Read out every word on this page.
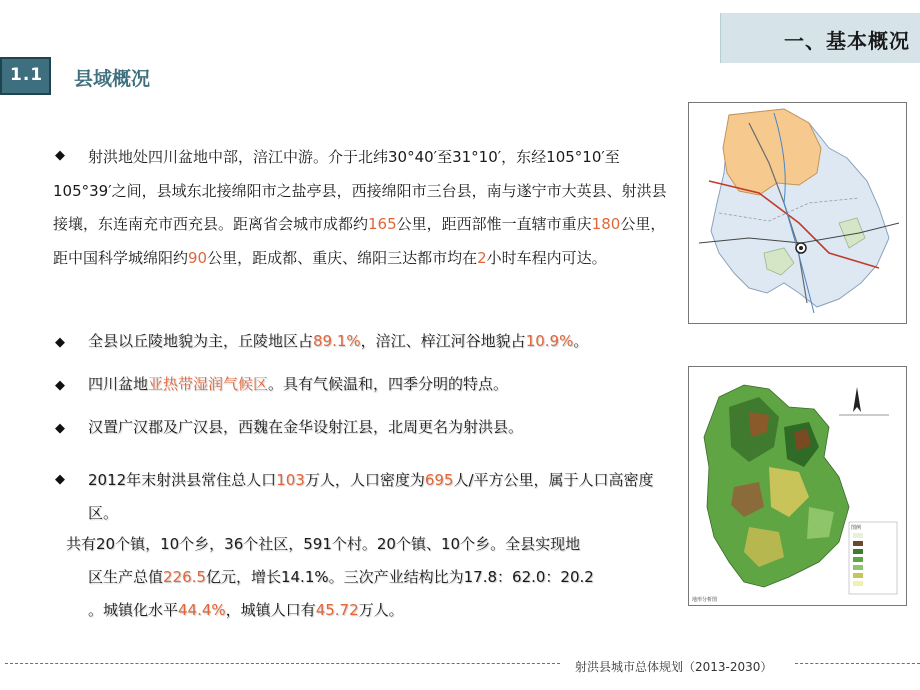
一、基本概况
1.1 县域概况
◆	射洪地处四川盆地中部，涪江中游。介于北纬30°40′至31°10′，东经105°10′至105°39′之间，县域东北接绵阳市之盐亭县，西接绵阳市三台县，南与遂宁市大英县、射洪县接壤，东连南充市西充县。距离省会城市成都约165公里，距西部惟一直辖市重庆180公里，距中国科学城绵阳约90公里，距成都、重庆、绵阳三达都市均在2小时车程内可达。
◆ 全县以丘陵地貌为主，丘陵地区占89.1%，涪江、梓江河谷地貌占10.9%。
◆ 四川盆地亚热带湿润气候区。具有气候温和，四季分明的特点。
◆ 汉置广汉郡及广汉县，西魏在金华设射江县，北周更名为射洪县。
◆ 2012年末射洪县常住总人口103万人，人口密度为695人/平方公里，属于人口高密度区。
共有20个镇，10个乡，36个社区，591个村。20个镇、10个乡。全县实现地
区生产总值226.5亿元，增长14.1%。三次产业结构比为17.8：62.0：20.2
。城镇化水平44.4%，城镇人口有45.72万人。
图例
地形分析图
射洪县城市总体规划（2013-2030）
